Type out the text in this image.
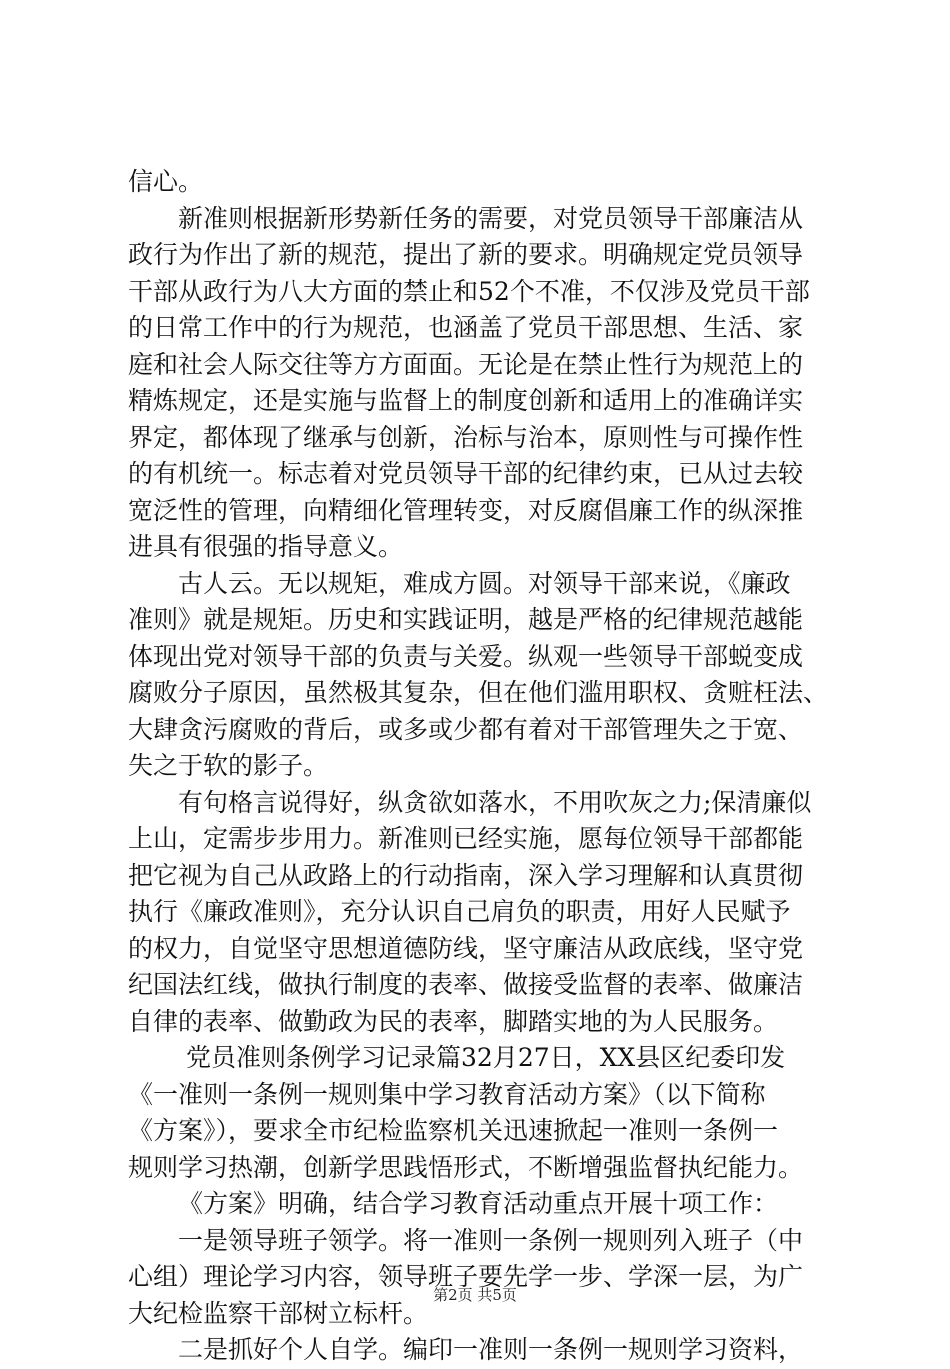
信心。
新准则根据新形势新任务的需要，对党员领导干部廉洁从
政行为作出了新的规范，提出了新的要求。明确规定党员领导
干部从政行为八大方面的禁止和52个不准，不仅涉及党员干部
的日常工作中的行为规范，也涵盖了党员干部思想、生活、家
庭和社会人际交往等方方面面。无论是在禁止性行为规范上的
精炼规定，还是实施与监督上的制度创新和适用上的准确详实
界定，都体现了继承与创新，治标与治本，原则性与可操作性
的有机统一。标志着对党员领导干部的纪律约束，已从过去较
宽泛性的管理，向精细化管理转变，对反腐倡廉工作的纵深推
进具有很强的指导意义。
古人云。无以规矩，难成方圆。对领导干部来说，《廉政
准则》就是规矩。历史和实践证明，越是严格的纪律规范越能
体现出党对领导干部的负责与关爱。纵观一些领导干部蜕变成
腐败分子原因，虽然极其复杂，但在他们滥用职权、贪赃枉法、
大肆贪污腐败的背后，或多或少都有着对干部管理失之于宽、
失之于软的影子。
有句格言说得好，纵贪欲如落水，不用吹灰之力;保清廉似
上山，定需步步用力。新准则已经实施，愿每位领导干部都能
把它视为自己从政路上的行动指南，深入学习理解和认真贯彻
执行《廉政准则》，充分认识自己肩负的职责，用好人民赋予
的权力，自觉坚守思想道德防线，坚守廉洁从政底线，坚守党
纪国法红线，做执行制度的表率、做接受监督的表率、做廉洁
自律的表率、做勤政为民的表率，脚踏实地的为人民服务。
党员准则条例学习记录篇32月27日，XX县区纪委印发
《一准则一条例一规则集中学习教育活动方案》（以下简称
《方案》），要求全市纪检监察机关迅速掀起一准则一条例一
规则学习热潮，创新学思践悟形式，不断增强监督执纪能力。
《方案》明确，结合学习教育活动重点开展十项工作：
一是领导班子领学。将一准则一条例一规则列入班子（中
心组）理论学习内容，领导班子要先学一步、学深一层，为广
大纪检监察干部树立标杆。
二是抓好个人自学。编印一准则一条例一规则学习资料，
第2页 共5页
